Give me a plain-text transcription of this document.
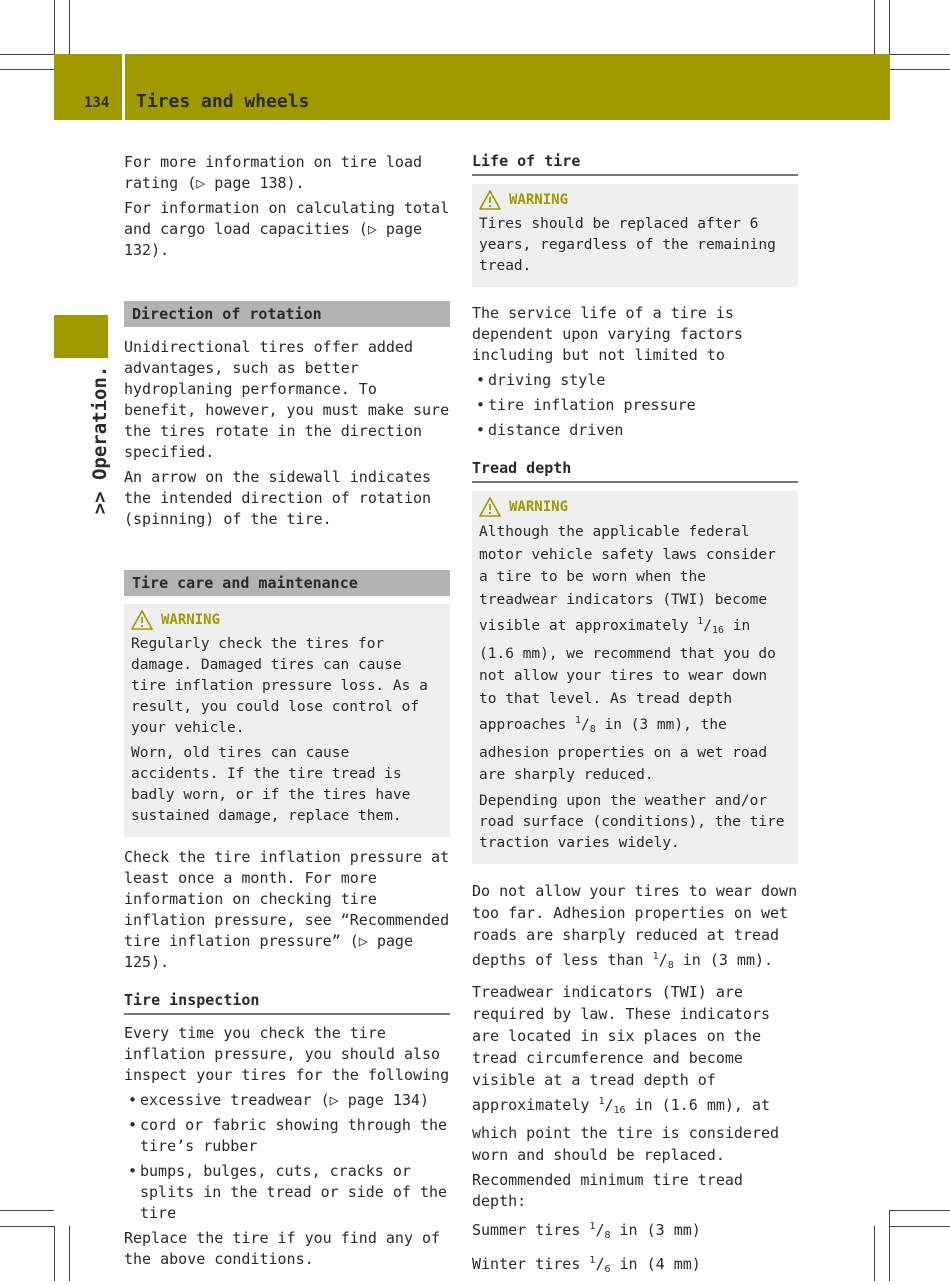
134 Tires and wheels
>> Operation.

For more information on tire load rating (▷ page 138).

For information on calculating total and cargo load capacities (▷ page 132).

Direction of rotation

Unidirectional tires offer added advantages, such as better hydroplaning performance. To benefit, however, you must make sure the tires rotate in the direction specified.

An arrow on the sidewall indicates the intended direction of rotation (spinning) of the tire.

Tire care and maintenance
WARNING

Regularly check the tires for damage. Damaged tires can cause tire inflation pressure loss. As a result, you could lose control of your vehicle.

Worn, old tires can cause accidents. If the tire tread is badly worn, or if the tires have sustained damage, replace them.

Check the tire inflation pressure at least once a month. For more information on checking tire inflation pressure, see “Recommended tire inflation pressure” (▷ page 125).

Tire inspection

Every time you check the tire inflation pressure, you should also inspect your tires for the following

• excessive treadwear (▷ page 134)
• cord or fabric showing through the tire’s rubber
• bumps, bulges, cuts, cracks or splits in the tread or side of the tire

Replace the tire if you find any of the above conditions.

Life of tire
WARNING

Tires should be replaced after 6 years, regardless of the remaining tread.

The service life of a tire is dependent upon varying factors including but not limited to

• driving style
• tire inflation pressure
• distance driven
Tread depth
WARNING

Although the applicable federal motor vehicle safety laws consider a tire to be worn when the treadwear indicators (TWI) become visible at approximately $^1/_{16}$ in (1.6 mm), we recommend that you do not allow your tires to wear down to that level. As tread depth approaches $^1/_8$ in (3 mm), the adhesion properties on a wet road are sharply reduced.

Depending upon the weather and/or road surface (conditions), the tire traction varies widely.

Do not allow your tires to wear down too far. Adhesion properties on wet roads are sharply reduced at tread depths of less than $^1/_8$ in (3 mm).

Treadwear indicators (TWI) are required by law. These indicators are located in six places on the tread circumference and become visible at a tread depth of approximately $^1/_{16}$ in (1.6 mm), at which point the tire is considered worn and should be replaced.

Recommended minimum tire tread depth:

Summer tires $^1/_8$ in (3 mm)

Winter tires $^1/_6$ in (4 mm)
